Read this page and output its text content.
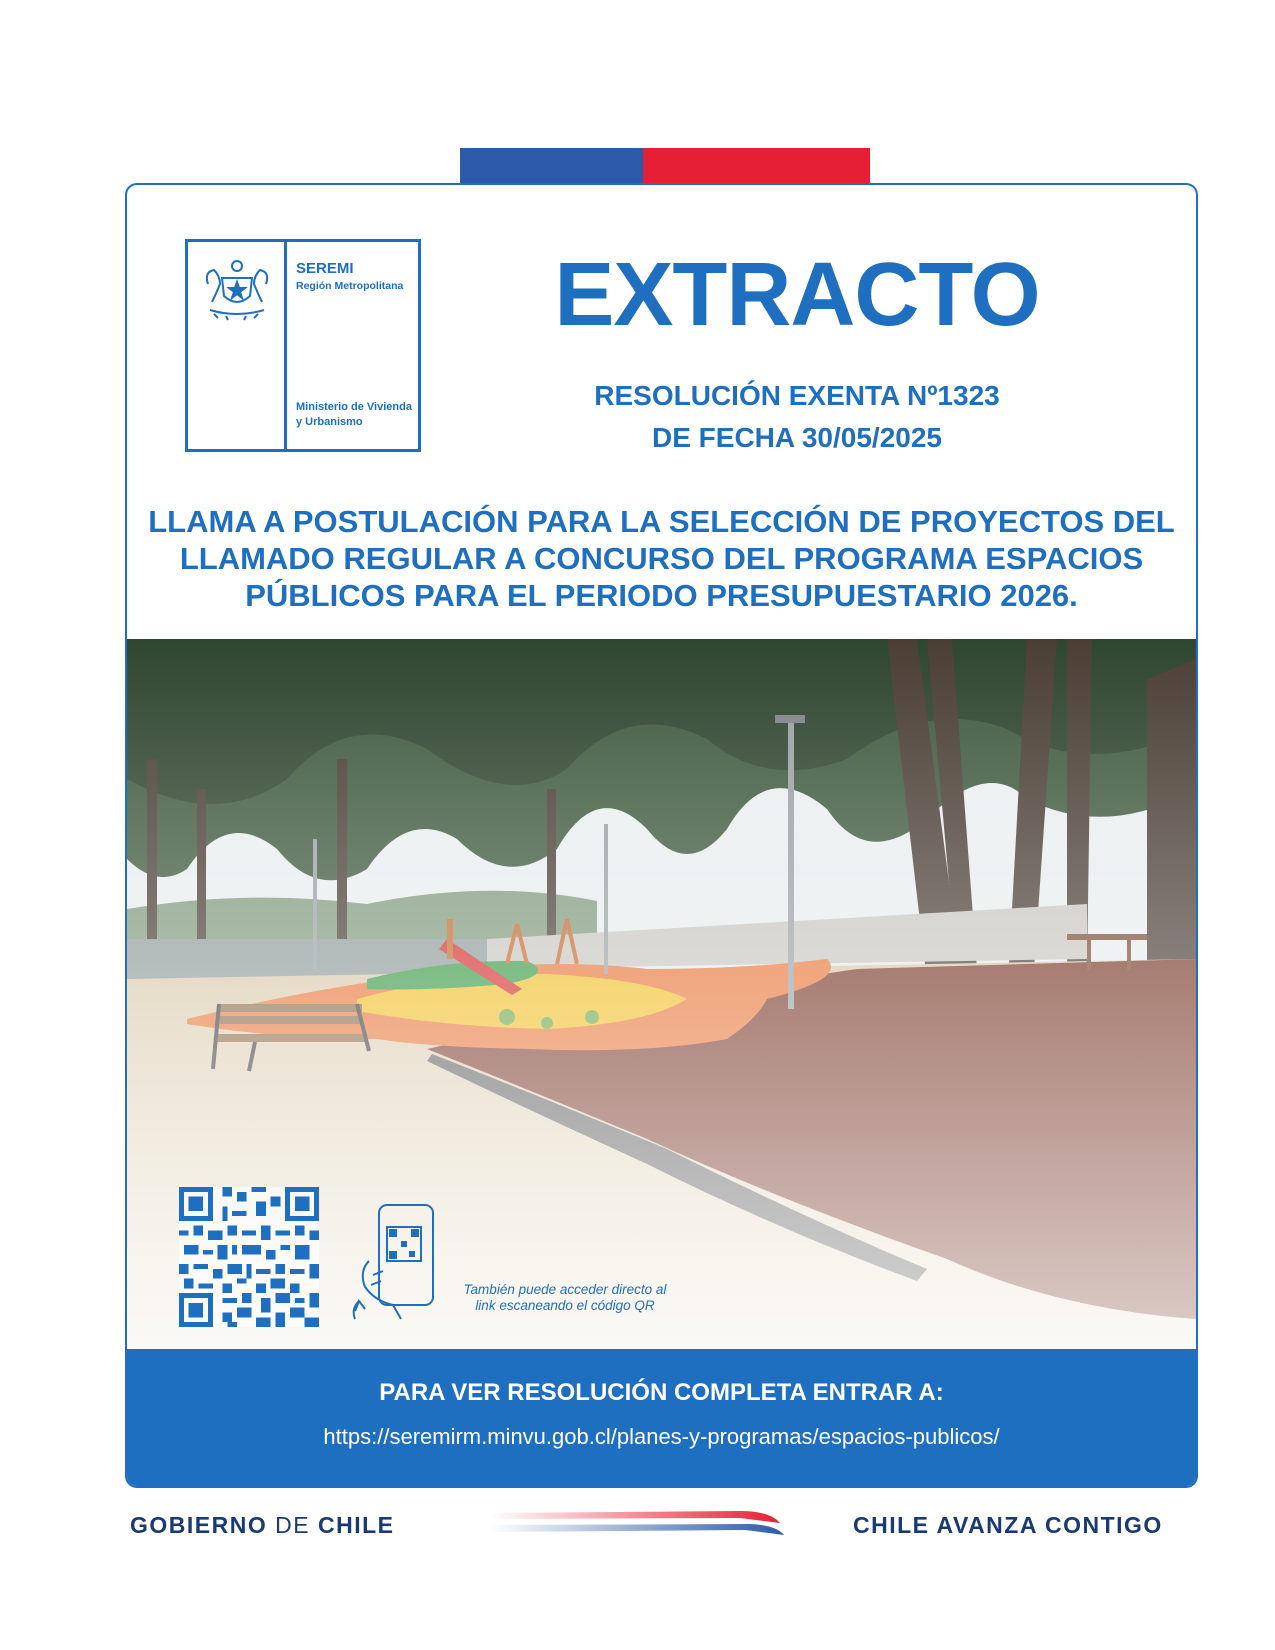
SEREMI
Región Metropolitana
Ministerio de Vivienda y Urbanismo
EXTRACTO
RESOLUCIÓN EXENTA Nº1323
DE FECHA 30/05/2025
LLAMA A POSTULACIÓN PARA LA SELECCIÓN DE PROYECTOS DEL
LLAMADO REGULAR A CONCURSO DEL PROGRAMA ESPACIOS
PÚBLICOS PARA EL PERIODO PRESUPUESTARIO 2026.
También puede acceder directo al
link escaneando el código QR
PARA VER RESOLUCIÓN COMPLETA ENTRAR A:
https://seremirm.minvu.gob.cl/planes-y-programas/espacios-publicos/
GOBIERNO DE CHILE	CHILE AVANZA CONTIGO
